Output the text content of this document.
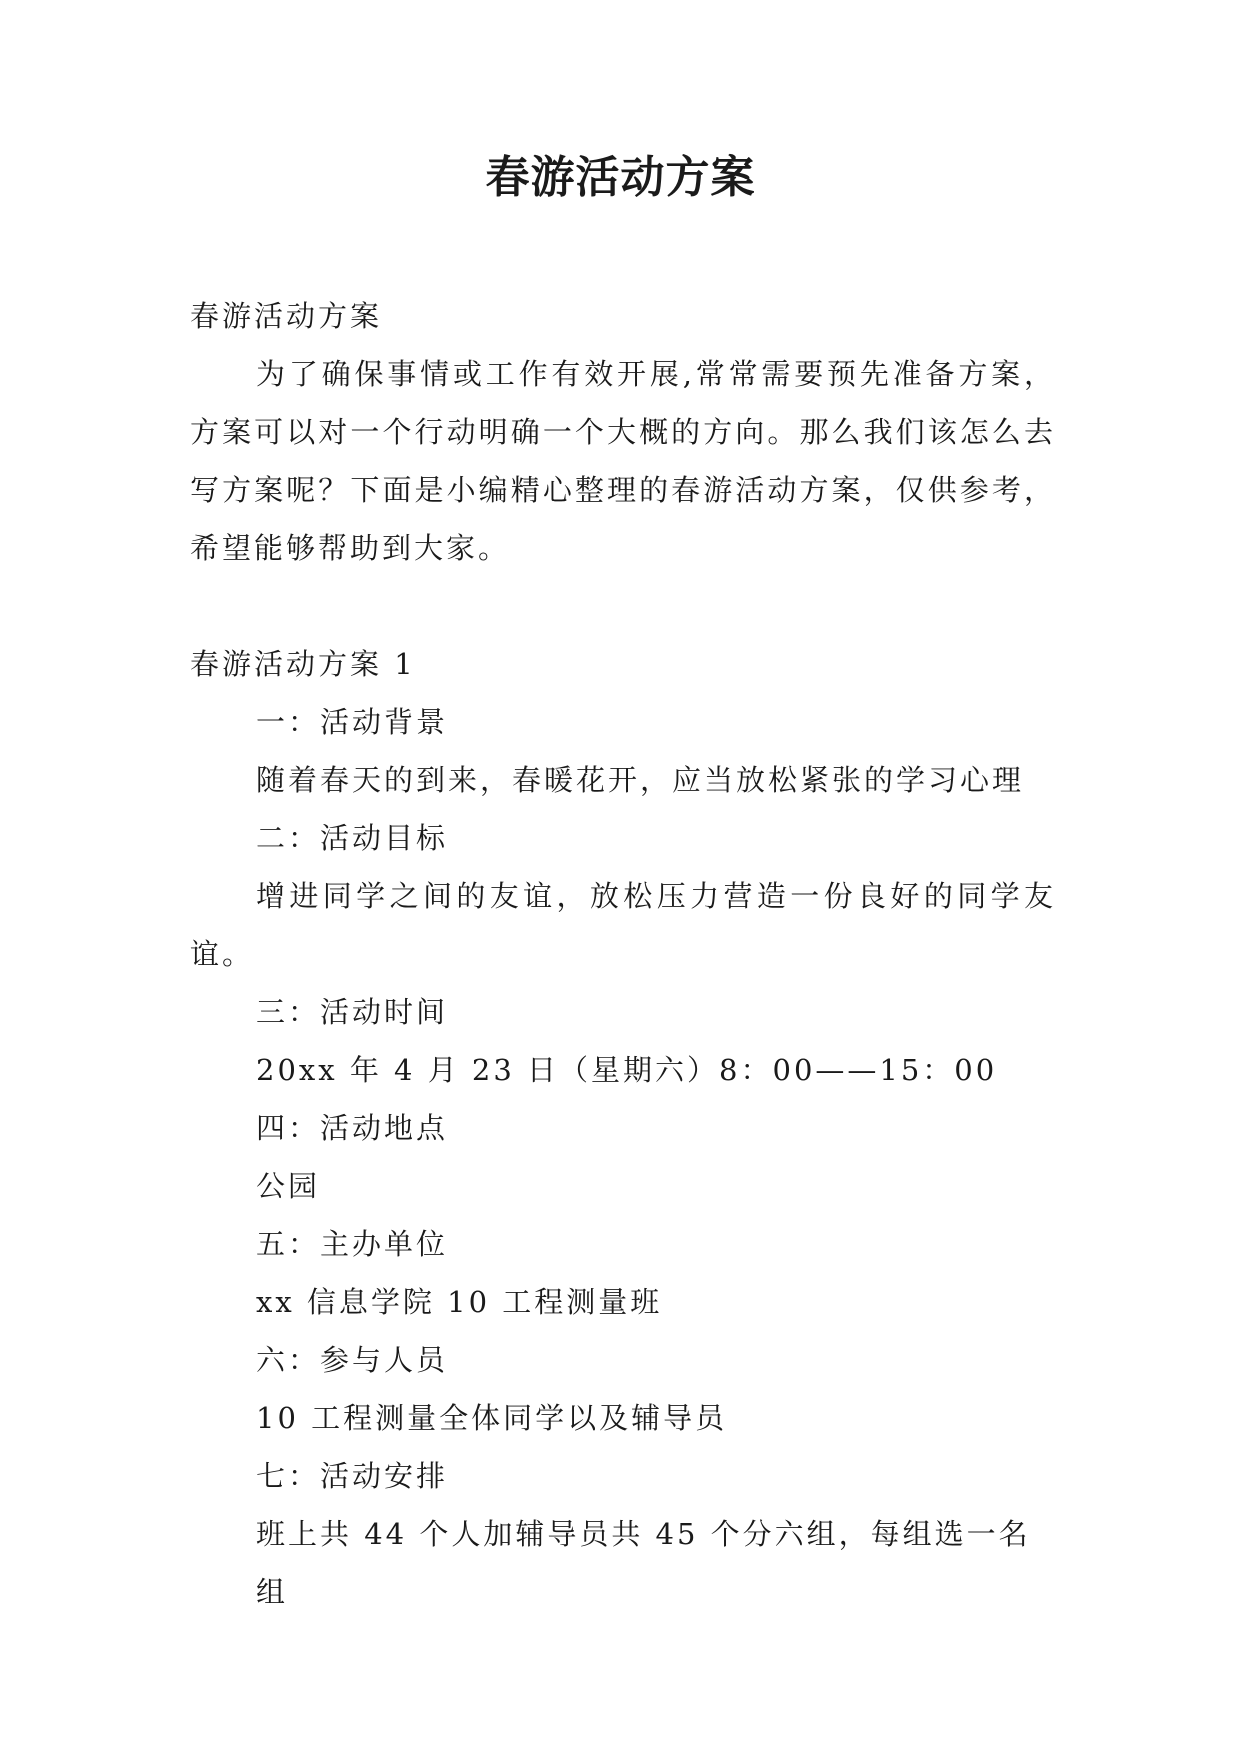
春游活动方案

春游活动方案

为了确保事情或工作有效开展,常常需要预先准备方案，方案可以对一个行动明确一个大概的方向。那么我们该怎么去写方案呢？下面是小编精心整理的春游活动方案，仅供参考，希望能够帮助到大家。

春游活动方案 1

一：活动背景

随着春天的到来，春暖花开，应当放松紧张的学习心理

二：活动目标

增进同学之间的友谊，放松压力营造一份良好的同学友谊。

三：活动时间

20xx 年 4 月 23 日（星期六）8：00——15：00

四：活动地点

公园

五：主办单位

xx 信息学院 10 工程测量班

六：参与人员

10 工程测量全体同学以及辅导员

七：活动安排

班上共 44 个人加辅导员共 45 个分六组，每组选一名组
